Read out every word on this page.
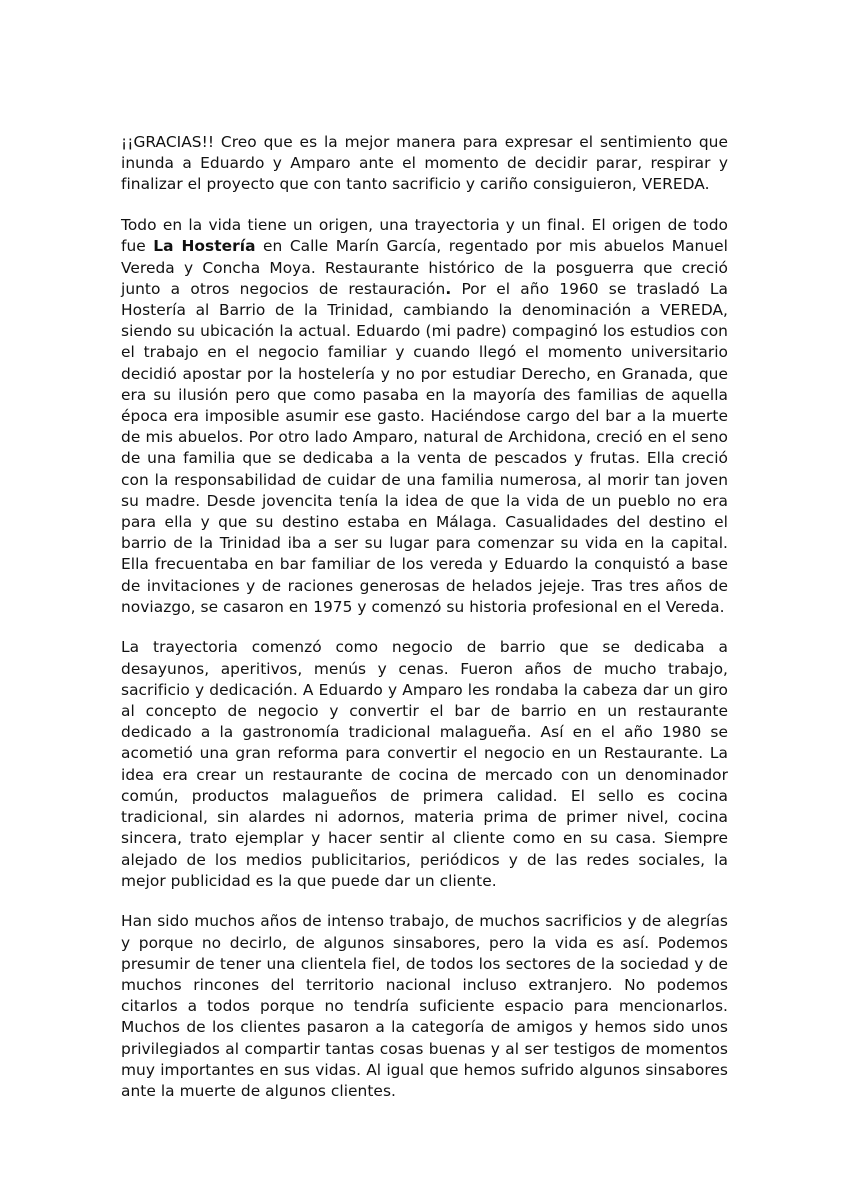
¡¡GRACIAS!! Creo que es la mejor manera para expresar el sentimiento que inunda a Eduardo y Amparo ante el momento de decidir parar, respirar y finalizar el proyecto que con tanto sacrificio y cariño consiguieron, VEREDA.

Todo en la vida tiene un origen, una trayectoria y un final. El origen de todo fue La Hostería en Calle Marín García, regentado por mis abuelos Manuel Vereda y Concha Moya. Restaurante histórico de la posguerra que creció junto a otros negocios de restauración. Por el año 1960 se trasladó La Hostería al Barrio de la Trinidad, cambiando la denominación a VEREDA, siendo su ubicación la actual. Eduardo (mi padre) compaginó los estudios con el trabajo en el negocio familiar y cuando llegó el momento universitario decidió apostar por la hostelería y no por estudiar Derecho, en Granada, que era su ilusión pero que como pasaba en la mayoría des familias de aquella época era imposible asumir ese gasto. Haciéndose cargo del bar a la muerte de mis abuelos. Por otro lado Amparo, natural de Archidona, creció en el seno de una familia que se dedicaba a la venta de pescados y frutas. Ella creció con la responsabilidad de cuidar de una familia numerosa, al morir tan joven su madre. Desde jovencita tenía la idea de que la vida de un pueblo no era para ella y que su destino estaba en Málaga. Casualidades del destino el barrio de la Trinidad iba a ser su lugar para comenzar su vida en la capital. Ella frecuentaba en bar familiar de los vereda y Eduardo la conquistó a base de invitaciones y de raciones generosas de helados jejeje. Tras tres años de noviazgo, se casaron en 1975 y comenzó su historia profesional en el Vereda.

La trayectoria comenzó como negocio de barrio que se dedicaba a desayunos, aperitivos, menús y cenas. Fueron años de mucho trabajo, sacrificio y dedicación. A Eduardo y Amparo les rondaba la cabeza dar un giro al concepto de negocio y convertir el bar de barrio en un restaurante dedicado a la gastronomía tradicional malagueña. Así en el año 1980 se acometió una gran reforma para convertir el negocio en un Restaurante. La idea era crear un restaurante de cocina de mercado con un denominador común, productos malagueños de primera calidad. El sello es cocina tradicional, sin alardes ni adornos, materia prima de primer nivel, cocina sincera, trato ejemplar y hacer sentir al cliente como en su casa. Siempre alejado de los medios publicitarios, periódicos y de las redes sociales, la mejor publicidad es la que puede dar un cliente.

Han sido muchos años de intenso trabajo, de muchos sacrificios y de alegrías y porque no decirlo, de algunos sinsabores, pero la vida es así. Podemos presumir de tener una clientela fiel, de todos los sectores de la sociedad y de muchos rincones del territorio nacional incluso extranjero. No podemos citarlos a todos porque no tendría suficiente espacio para mencionarlos. Muchos de los clientes pasaron a la categoría de amigos y hemos sido unos privilegiados al compartir tantas cosas buenas y al ser testigos de momentos muy importantes en sus vidas. Al igual que hemos sufrido algunos sinsabores ante la muerte de algunos clientes.
